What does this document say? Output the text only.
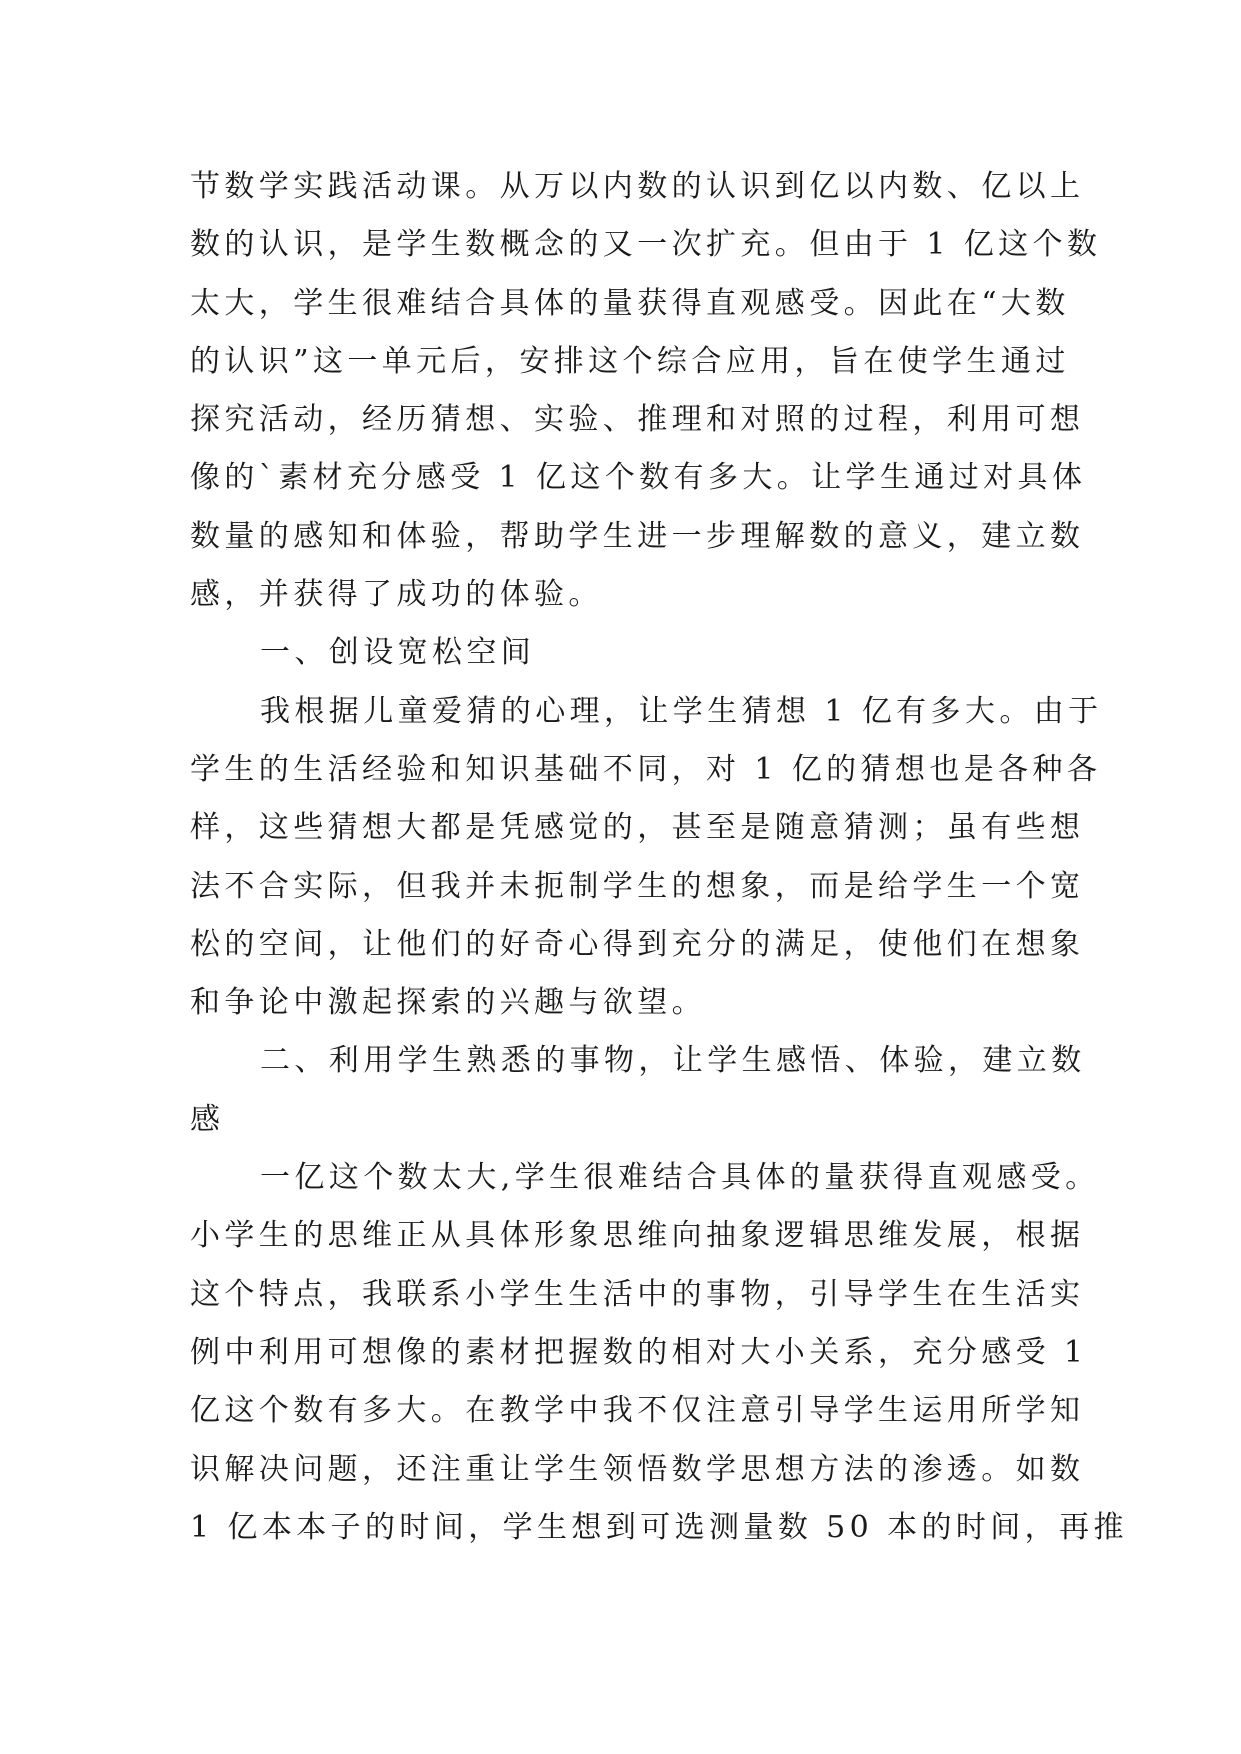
节数学实践活动课。从万以内数的认识到亿以内数、亿以上
数的认识，是学生数概念的又一次扩充。但由于 1 亿这个数
太大，学生很难结合具体的量获得直观感受。因此在“大数
的认识”这一单元后，安排这个综合应用，旨在使学生通过
探究活动，经历猜想、实验、推理和对照的过程，利用可想
像的`素材充分感受 1 亿这个数有多大。让学生通过对具体
数量的感知和体验，帮助学生进一步理解数的意义，建立数
感，并获得了成功的体验。
一、创设宽松空间
我根据儿童爱猜的心理，让学生猜想 1 亿有多大。由于
学生的生活经验和知识基础不同，对 1 亿的猜想也是各种各
样，这些猜想大都是凭感觉的，甚至是随意猜测；虽有些想
法不合实际，但我并未扼制学生的想象，而是给学生一个宽
松的空间，让他们的好奇心得到充分的满足，使他们在想象
和争论中激起探索的兴趣与欲望。
二、利用学生熟悉的事物，让学生感悟、体验，建立数
感
一亿这个数太大,学生很难结合具体的量获得直观感受。
小学生的思维正从具体形象思维向抽象逻辑思维发展，根据
这个特点，我联系小学生生活中的事物，引导学生在生活实
例中利用可想像的素材把握数的相对大小关系，充分感受 1
亿这个数有多大。在教学中我不仅注意引导学生运用所学知
识解决问题，还注重让学生领悟数学思想方法的渗透。如数
1 亿本本子的时间，学生想到可选测量数 50 本的时间，再推
